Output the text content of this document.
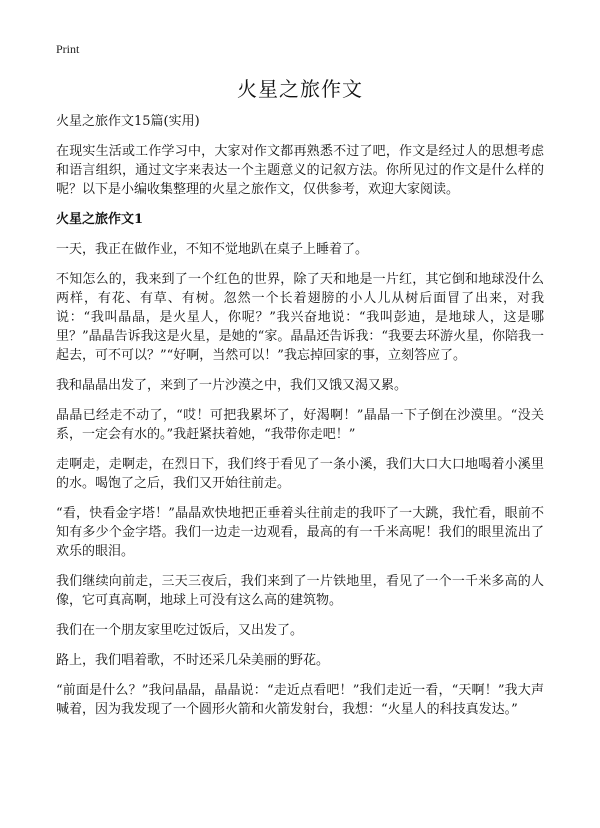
Print
火星之旅作文
火星之旅作文15篇(实用)

在现实生活或工作学习中，大家对作文都再熟悉不过了吧，作文是经过人的思想考虑和语言组织，通过文字来表达一个主题意义的记叙方法。你所见过的作文是什么样的呢？以下是小编收集整理的火星之旅作文，仅供参考，欢迎大家阅读。

火星之旅作文1

一天，我正在做作业，不知不觉地趴在桌子上睡着了。

不知怎么的，我来到了一个红色的世界，除了天和地是一片红，其它倒和地球没什么两样，有花、有草、有树。忽然一个长着翅膀的小人儿从树后面冒了出来，对我说：“我叫晶晶，是火星人，你呢？”我兴奋地说：“我叫彭迪，是地球人，这是哪里？”晶晶告诉我这是火星，是她的“家。晶晶还告诉我：“我要去环游火星，你陪我一起去，可不可以？”“好啊，当然可以！”我忘掉回家的事，立刻答应了。

我和晶晶出发了，来到了一片沙漠之中，我们又饿又渴又累。

晶晶已经走不动了，“哎！可把我累坏了，好渴啊！”晶晶一下子倒在沙漠里。“没关系，一定会有水的。”我赶紧扶着她，“我带你走吧！”

走啊走，走啊走，在烈日下，我们终于看见了一条小溪，我们大口大口地喝着小溪里的水。喝饱了之后，我们又开始往前走。

“看，快看金字塔！”晶晶欢快地把正垂着头往前走的我吓了一大跳，我忙看，眼前不知有多少个金字塔。我们一边走一边观看，最高的有一千米高呢！我们的眼里流出了欢乐的眼泪。

我们继续向前走，三天三夜后，我们来到了一片铁地里，看见了一个一千米多高的人像，它可真高啊，地球上可没有这么高的建筑物。

我们在一个朋友家里吃过饭后，又出发了。

路上，我们唱着歌，不时还采几朵美丽的野花。

“前面是什么？”我问晶晶，晶晶说：“走近点看吧！”我们走近一看，“天啊！”我大声喊着，因为我发现了一个圆形火箭和火箭发射台，我想：“火星人的科技真发达。”
